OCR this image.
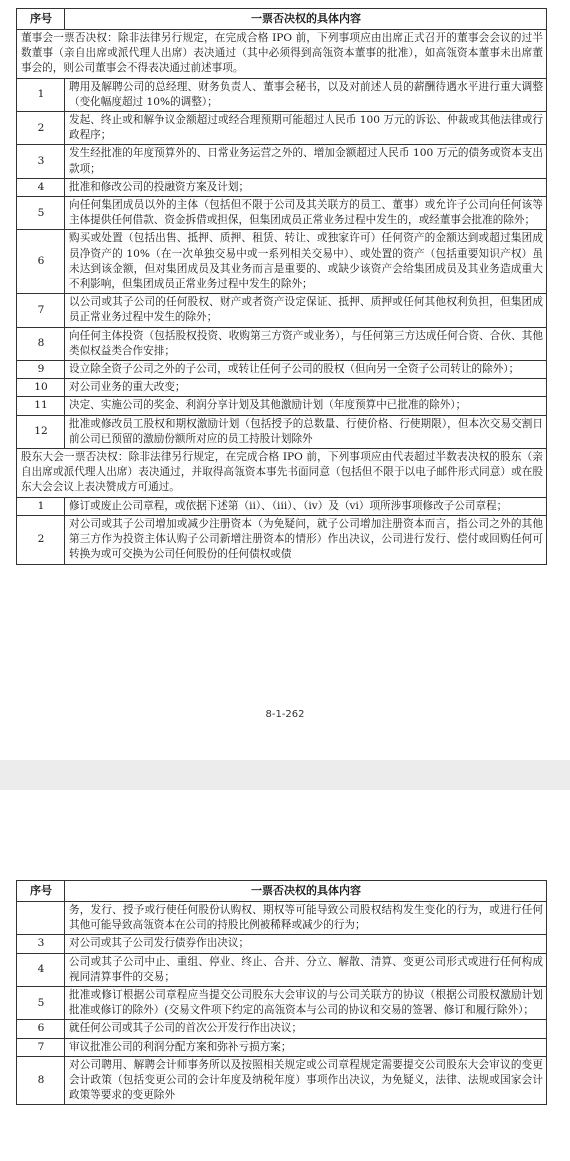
序号	一票否决权的具体内容
董事会一票否决权：除非法律另行规定，在完成合格 IPO 前，下列事项应由出席正式召开的董事会会议的过半数董事（亲自出席或派代理人出席）表决通过（其中必须得到高瓴资本董事的批准），如高瓴资本董事未出席董事会的，则公司董事会不得表决通过前述事项。	
1	聘用及解聘公司的总经理、财务负责人、董事会秘书，以及对前述人员的薪酬待遇水平进行重大调整（变化幅度超过 10%的调整）；
2	发起、终止或和解争议金额超过或经合理预期可能超过人民币 100 万元的诉讼、仲裁或其他法律或行政程序；
3	发生经批准的年度预算外的、日常业务运营之外的、增加金额超过人民币 100 万元的债务或资本支出款项；
4	批准和修改公司的投融资方案及计划；
5	向任何集团成员以外的主体（包括但不限于公司及其关联方的员工、董事）或允许子公司向任何该等主体提供任何借款、资金拆借或担保，但集团成员正常业务过程中发生的，或经董事会批准的除外；
6	购买或处置（包括出售、抵押、质押、租赁、转让、或独家许可）任何资产的金额达到或超过集团成员净资产的 10%（在一次单独交易中或一系列相关交易中）、或处置的资产（包括重要知识产权）虽未达到该金额，但对集团成员及其业务而言是重要的、或缺少该资产会给集团成员及其业务造成重大不利影响，但集团成员正常业务过程中发生的除外；
7	以公司或其子公司的任何股权、财产或者资产设定保证、抵押、质押或任何其他权利负担，但集团成员正常业务过程中发生的除外；
8	向任何主体投资（包括股权投资、收购第三方资产或业务），与任何第三方达成任何合资、合伙、其他类似权益类合作安排；
9	设立除全资子公司之外的子公司，或转让任何子公司的股权（但向另一全资子公司转让的除外）；
10	对公司业务的重大改变；
11	决定、实施公司的奖金、利润分享计划及其他激励计划（年度预算中已批准的除外）；
12	批准或修改员工股权和期权激励计划（包括授予的总数量、行使价格、行使期限），但本次交易交割日前公司已预留的激励份额所对应的员工持股计划除外
股东大会一票否决权：除非法律另行规定，在完成合格 IPO 前，下列事项应由代表超过半数表决权的股东（亲自出席或派代理人出席）表决通过，并取得高瓴资本事先书面同意（包括但不限于以电子邮件形式同意）或在股东大会会议上表决赞成方可通过。	
1	修订或废止公司章程，或依据下述第（ii）、（iii）、（iv）及（vi）项所涉事项修改子公司章程；
2	对公司或其子公司增加或减少注册资本（为免疑问，就子公司增加注册资本而言，指公司之外的其他第三方作为投资主体认购子公司新增注册资本的情形）作出决议，公司进行发行、偿付或回购任何可转换为或可交换为公司任何股份的任何债权或债
8-1-262
序号	一票否决权的具体内容
	务，发行、授予或行使任何股份认购权、期权等可能导致公司股权结构发生变化的行为，或进行任何其他可能导致高瓴资本在公司的持股比例被稀释或减少的行为；
3	对公司或其子公司发行债券作出决议；
4	公司或其子公司中止、重组、停业、终止、合并、分立、解散、清算、变更公司形式或进行任何构成视同清算事件的交易；
5	批准或修订根据公司章程应当提交公司股东大会审议的与公司关联方的协议（根据公司股权激励计划批准或修订的除外）(交易文件项下约定的高瓴资本与公司的协议和交易的签署、修订和履行除外）；
6	就任何公司或其子公司的首次公开发行作出决议；
7	审议批准公司的利润分配方案和弥补亏损方案；
8	对公司聘用、解聘会计师事务所以及按照相关规定或公司章程规定需要提交公司股东大会审议的变更会计政策（包括变更公司的会计年度及纳税年度）事项作出决议，为免疑义，法律、法规或国家会计政策等要求的变更除外
